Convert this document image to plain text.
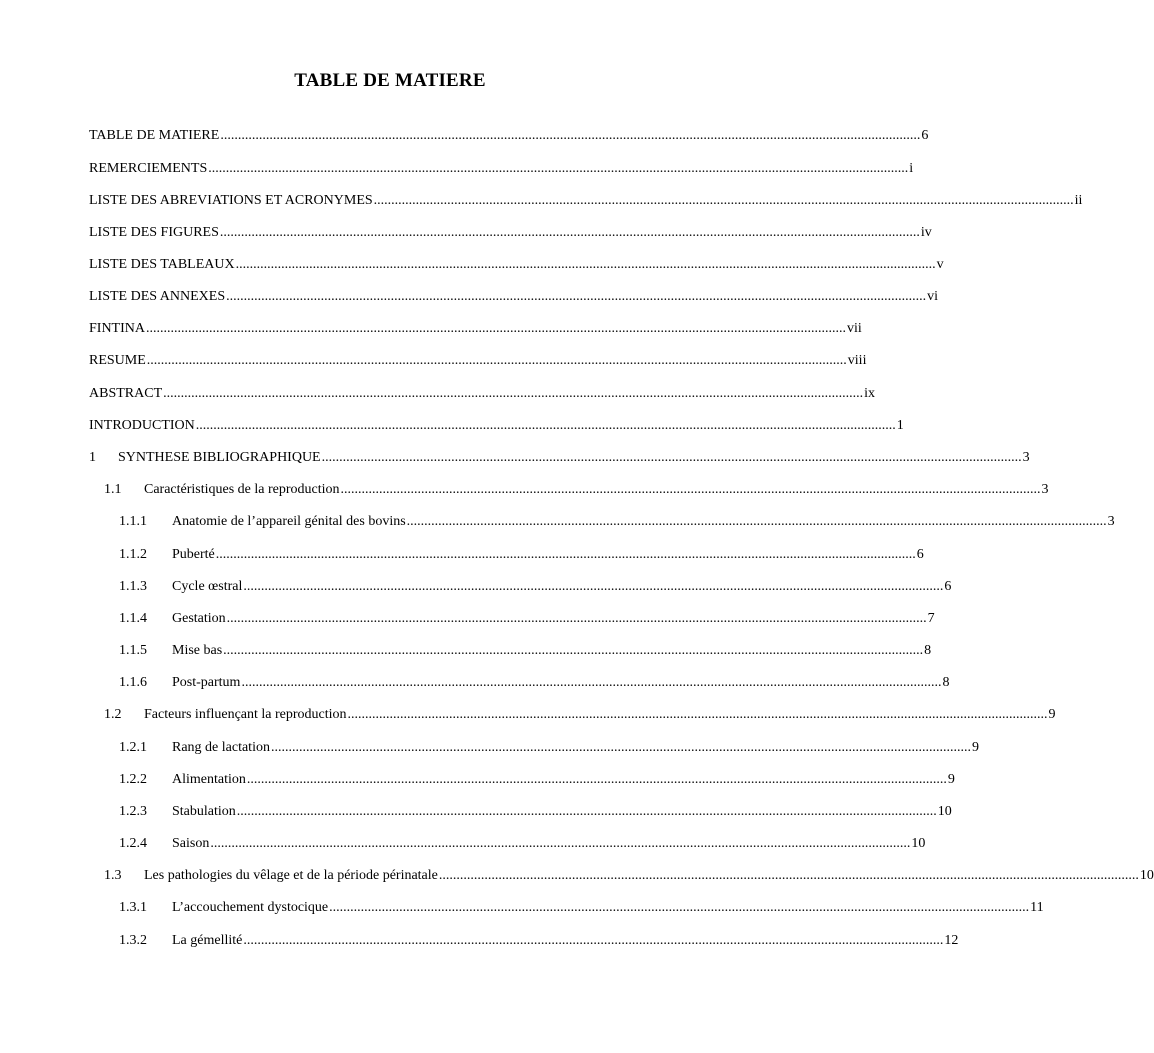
TABLE DE MATIERE
TABLE DE MATIERE ........................................................................................................................................................................................................ 6
REMERCIEMENTS ........................................................................................................................................................................................................ i
LISTE DES ABREVIATIONS ET ACRONYMES ........................................................................................................................................................................................................ ii
LISTE DES FIGURES ........................................................................................................................................................................................................ iv
LISTE DES TABLEAUX ........................................................................................................................................................................................................ v
LISTE DES ANNEXES ........................................................................................................................................................................................................ vi
FINTINA ........................................................................................................................................................................................................ vii
RESUME ........................................................................................................................................................................................................ viii
ABSTRACT ........................................................................................................................................................................................................ ix
INTRODUCTION ........................................................................................................................................................................................................ 1
1	SYNTHESE BIBLIOGRAPHIQUE ........................................................................................................................................................................................................ 3
1.1	Caractéristiques de la reproduction ........................................................................................................................................................................................................ 3
1.1.1	Anatomie de l’appareil génital des bovins ........................................................................................................................................................................................................ 3
1.1.2	Puberté ........................................................................................................................................................................................................ 6
1.1.3	Cycle œstral ........................................................................................................................................................................................................ 6
1.1.4	Gestation ........................................................................................................................................................................................................ 7
1.1.5	Mise bas ........................................................................................................................................................................................................ 8
1.1.6	Post-partum ........................................................................................................................................................................................................ 8
1.2	Facteurs influençant la reproduction ........................................................................................................................................................................................................ 9
1.2.1	Rang de lactation ........................................................................................................................................................................................................ 9
1.2.2	Alimentation ........................................................................................................................................................................................................ 9
1.2.3	Stabulation ........................................................................................................................................................................................................ 10
1.2.4	Saison ........................................................................................................................................................................................................ 10
1.3	Les pathologies du vêlage et de la période périnatale ........................................................................................................................................................................................................ 10
1.3.1	L’accouchement dystocique ........................................................................................................................................................................................................ 11
1.3.2	La gémellité ........................................................................................................................................................................................................ 12
